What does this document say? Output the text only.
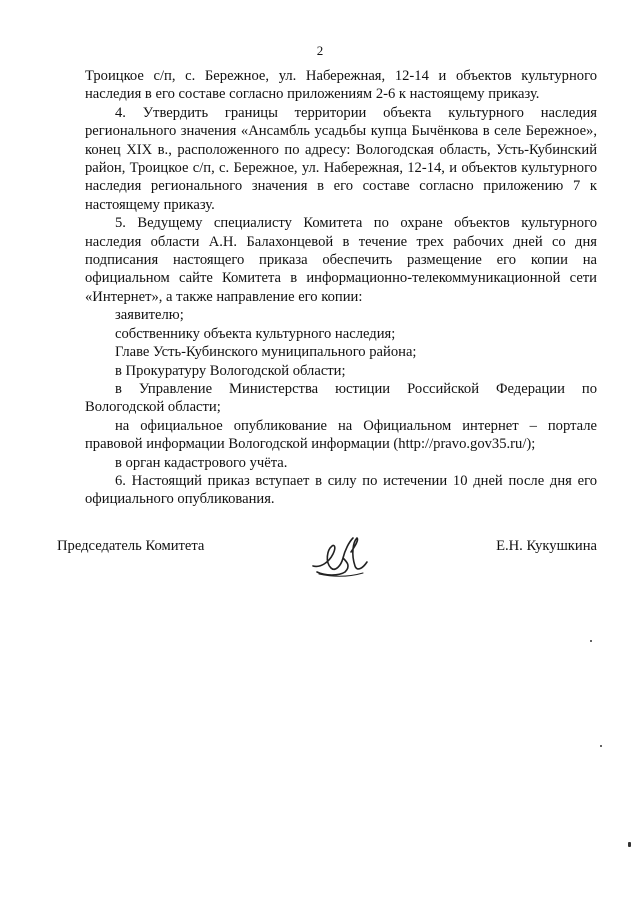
2

Троицкое с/п, с. Бережное, ул. Набережная, 12-14 и объектов культурного наследия в его составе согласно приложениям 2-6 к настоящему приказу.

4. Утвердить границы территории объекта культурного наследия регионального значения «Ансамбль усадьбы купца Бычёнкова в селе Бережное», конец XIX в., расположенного по адресу: Вологодская область, Усть-Кубинский район, Троицкое с/п, с. Бережное, ул. Набережная, 12-14, и объектов культурного наследия регионального значения в его составе согласно приложению 7 к настоящему приказу.

5. Ведущему специалисту Комитета по охране объектов культурного наследия области А.Н. Балахонцевой в течение трех рабочих дней со дня подписания настоящего приказа обеспечить размещение его копии на официальном сайте Комитета в информационно-телекоммуникационной сети «Интернет», а также направление его копии:

заявителю;

собственнику объекта культурного наследия;

Главе Усть-Кубинского муниципального района;

в Прокуратуру Вологодской области;

в Управление Министерства юстиции Российской Федерации по Вологодской области;

на официальное опубликование на Официальном интернет – портале правовой информации Вологодской информации (http://pravo.gov35.ru/);

в орган кадастрового учёта.

6. Настоящий приказ вступает в силу по истечении 10 дней после дня его официального опубликования.

Председатель Комитета	Е.Н. Кукушкина
